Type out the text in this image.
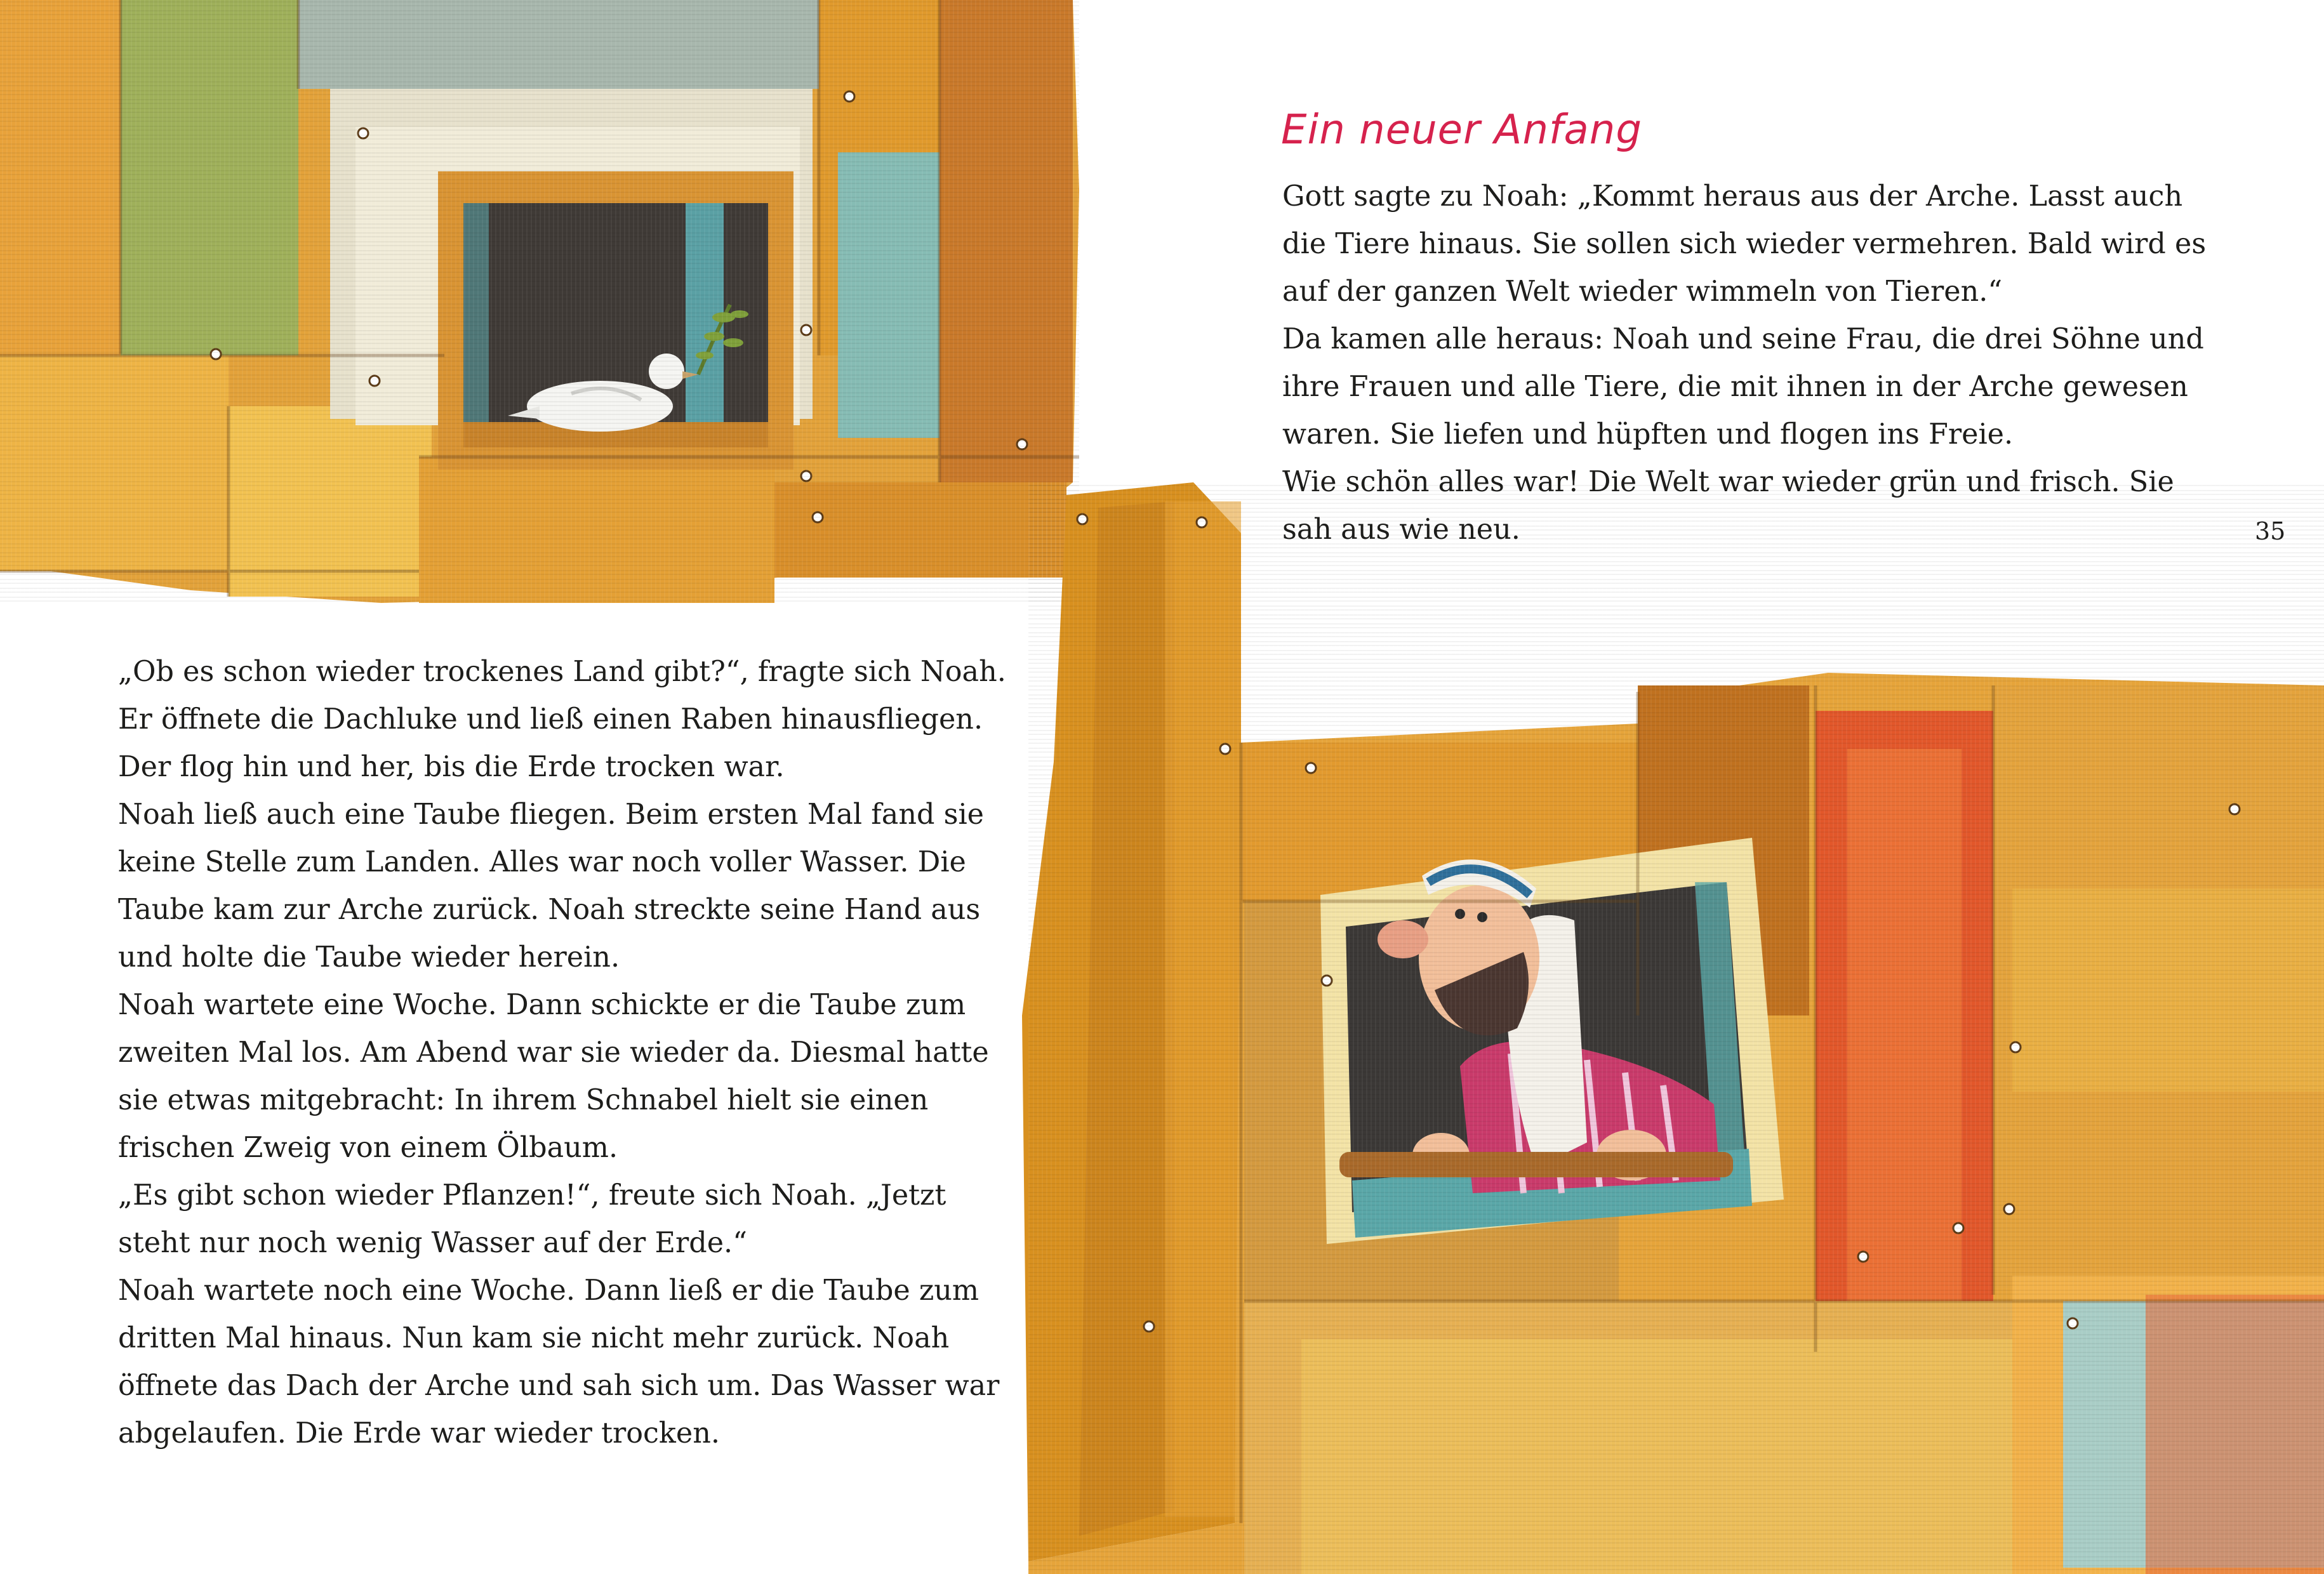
Ein neuer Anfang

Gott sagte zu Noah: „Kommt heraus aus der Arche. Lasst auch

die Tiere hinaus. Sie sollen sich wieder vermehren. Bald wird es

auf der ganzen Welt wieder wimmeln von Tieren.“

Da kamen alle heraus: Noah und seine Frau, die drei Söhne und

ihre Frauen und alle Tiere, die mit ihnen in der Arche gewesen

waren. Sie liefen und hüpften und flogen ins Freie.

Wie schön alles war! Die Welt war wieder grün und frisch. Sie

sah aus wie neu.	35

„Ob es schon wieder trockenes Land gibt?“, fragte sich Noah.

Er öffnete die Dachluke und ließ einen Raben hinausfliegen.

Der flog hin und her, bis die Erde trocken war.

Noah ließ auch eine Taube fliegen. Beim ersten Mal fand sie

keine Stelle zum Landen. Alles war noch voller Wasser. Die

Taube kam zur Arche zurück. Noah streckte seine Hand aus

und holte die Taube wieder herein.

Noah wartete eine Woche. Dann schickte er die Taube zum

zweiten Mal los. Am Abend war sie wieder da. Diesmal hatte

sie etwas mitgebracht: In ihrem Schnabel hielt sie einen

frischen Zweig von einem Ölbaum.

„Es gibt schon wieder Pflanzen!“, freute sich Noah. „Jetzt

steht nur noch wenig Wasser auf der Erde.“

Noah wartete noch eine Woche. Dann ließ er die Taube zum

dritten Mal hinaus. Nun kam sie nicht mehr zurück. Noah

öffnete das Dach der Arche und sah sich um. Das Wasser war

abgelaufen. Die Erde war wieder trocken.
